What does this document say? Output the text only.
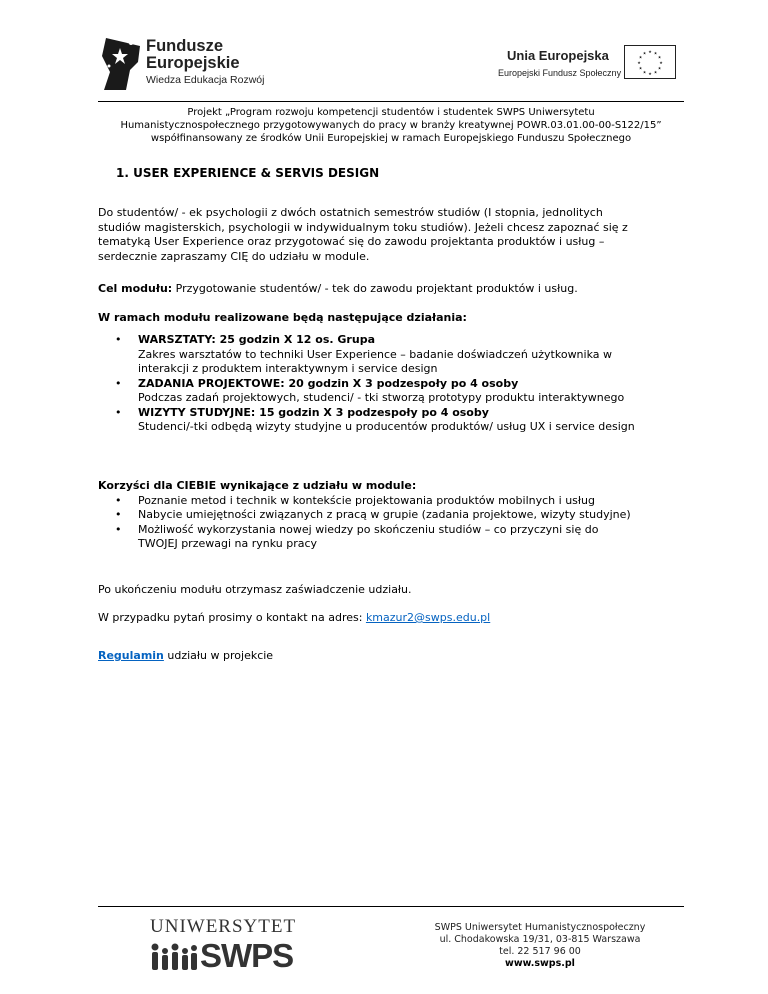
Fundusze
Europejskie
Wiedza Edukacja Rozwój
Unia Europejska
Europejski Fundusz Społeczny
★
★
★
★
★
★
★
★
★ ★ ★
★
Projekt „Program rozwoju kompetencji studentów i studentek SWPS Uniwersytetu
Humanistycznospołecznego przygotowywanych do pracy w branży kreatywnej POWR.03.01.00-00-S122/15”
współfinansowany ze środków Unii Europejskiej w ramach Europejskiego Funduszu Społecznego
1. USER EXPERIENCE & SERVIS DESIGN
Do studentów/ - ek psychologii z dwóch ostatnich semestrów studiów (I stopnia, jednolitych
studiów magisterskich, psychologii w indywidualnym toku studiów). Jeżeli chcesz zapoznać się z
tematyką User Experience oraz przygotować się do zawodu projektanta produktów i usług –
serdecznie zapraszamy CIĘ do udziału w module.
Cel modułu: Przygotowanie studentów/ - tek do zawodu projektant produktów i usług.
W ramach modułu realizowane będą następujące działania:
• WARSZTATY: 25 godzin X 12 os. Grupa
Zakres warsztatów to techniki User Experience – badanie doświadczeń użytkownika w
interakcji z produktem interaktywnym i service design
• ZADANIA PROJEKTOWE: 20 godzin X 3 podzespoły po 4 osoby
Podczas zadań projektowych, studenci/ - tki stworzą prototypy produktu interaktywnego
• WIZYTY STUDYJNE: 15 godzin X 3 podzespoły po 4 osoby
Studenci/-tki odbędą wizyty studyjne u producentów produktów/ usług UX i service design
Korzyści dla CIEBIE wynikające z udziału w module:
• Poznanie metod i technik w kontekście projektowania produktów mobilnych i usług
• Nabycie umiejętności związanych z pracą w grupie (zadania projektowe, wizyty studyjne)
• Możliwość wykorzystania nowej wiedzy po skończeniu studiów – co przyczyni się do
TWOJEJ przewagi na rynku pracy
Po ukończeniu modułu otrzymasz zaświadczenie udziału.
W przypadku pytań prosimy o kontakt na adres: kmazur2@swps.edu.pl
Regulamin udziału w projekcie
UNIWERSYTET
SWPS
SWPS Uniwersytet Humanistycznospołeczny
ul. Chodakowska 19/31, 03-815 Warszawa
tel. 22 517 96 00
www.swps.pl
